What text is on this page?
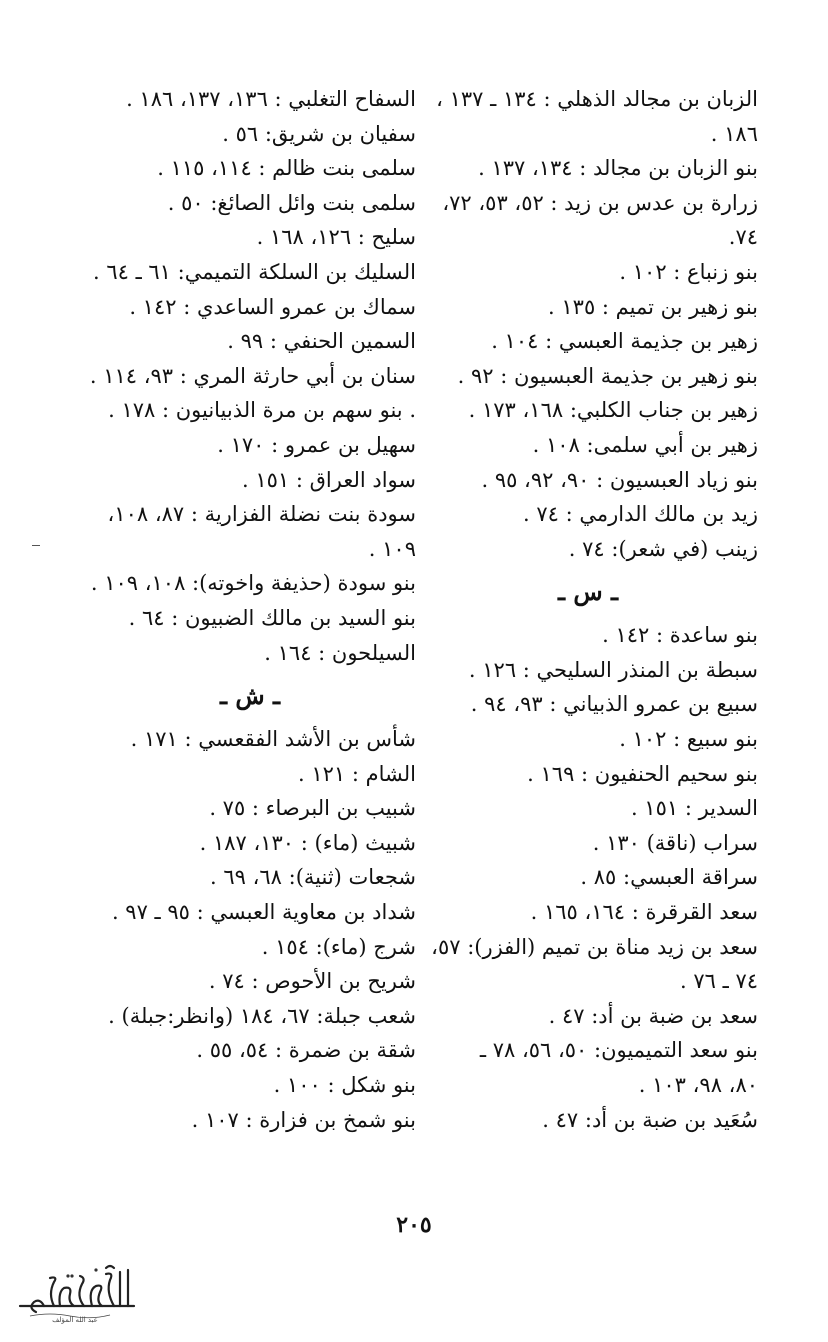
الزبان بن مجالد الذهلي : ١٣٤ ـ ١٣٧ ،
١٨٦ .
بنو الزبان بن مجالد : ١٣٤، ١٣٧ .
زرارة بن عدس بن زيد : ٥٢، ٥٣، ٧٢،
٧٤.
بنو زنباع : ١٠٢ .
بنو زهير بن تميم : ١٣٥ .
زهير بن جذيمة العبسي : ١٠٤ .
بنو زهير بن جذيمة العبسيون : ٩٢ .
زهير بن جناب الكلبي: ١٦٨، ١٧٣ .
زهير بن أبي سلمى: ١٠٨ .
بنو زياد العبسيون : ٩٠، ٩٢، ٩٥ .
زيد بن مالك الدارمي : ٧٤ .
زينب (في شعر): ٧٤ .
ـ س ـ
بنو ساعدة : ١٤٢ .
سبطة بن المنذر السليحي : ١٢٦ .
سبيع بن عمرو الذبياني : ٩٣، ٩٤ .
بنو سبيع : ١٠٢ .
بنو سحيم الحنفيون : ١٦٩ .
السدير : ١٥١ .
سراب (ناقة) ١٣٠ .
سراقة العبسي: ٨٥ .
سعد القرقرة : ١٦٤، ١٦٥ .
سعد بن زيد مناة بن تميم (الفزر): ٥٧،
٧٤ ـ ٧٦ .
سعد بن ضبة بن أد: ٤٧ .
بنو سعد التميميون: ٥٠، ٥٦، ٧٨ ـ
٨٠، ٩٨، ١٠٣ .
سُعَيد بن ضبة بن أد: ٤٧ .
السفاح التغلبي : ١٣٦، ١٣٧، ١٨٦ .
سفيان بن شريق: ٥٦ .
سلمى بنت ظالم : ١١٤، ١١٥ .
سلمى بنت وائل الصائغ: ٥٠ .
سليح : ١٢٦، ١٦٨ .
السليك بن السلكة التميمي: ٦١ ـ ٦٤ .
سماك بن عمرو الساعدي : ١٤٢ .
السمين الحنفي : ٩٩ .
سنان بن أبي حارثة المري : ٩٣، ١١٤ .
. بنو سهم بن مرة الذبيانيون : ١٧٨ .
سهيل بن عمرو : ١٧٠ .
سواد العراق : ١٥١ .
سودة بنت نضلة الفزارية : ٨٧، ١٠٨،
١٠٩ .
بنو سودة (حذيفة واخوته): ١٠٨، ١٠٩ .
بنو السيد بن مالك الضبيون : ٦٤ .
السيلحون : ١٦٤ .
ـ ش ـ
شأس بن الأشد الفقعسي : ١٧١ .
الشام : ١٢١ .
شبيب بن البرصاء : ٧٥ .
شبيث (ماء) : ١٣٠، ١٨٧ .
شجعات (ثنية): ٦٨، ٦٩ .
شداد بن معاوية العبسي : ٩٥ ـ ٩٧ .
شرج (ماء): ١٥٤ .
شريح بن الأحوص : ٧٤ .
شعب جبلة: ٦٧، ١٨٤ (وانظر:جبلة) .
شقة بن ضمرة : ٥٤، ٥٥ .
بنو شكل : ١٠٠ .
بنو شمخ بن فزارة : ١٠٧ .
٢٠٥
عبد الله المؤلف
